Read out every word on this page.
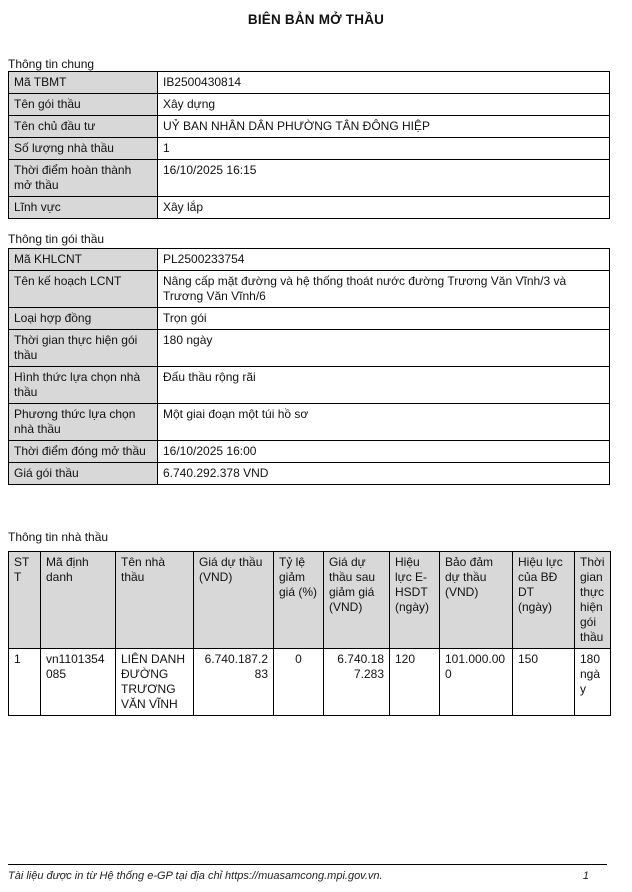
BIÊN BẢN MỞ THẦU
Thông tin chung
Mã TBMT	IB2500430814
Tên gói thầu	Xây dựng
Tên chủ đầu tư	UỶ BAN NHÂN DÂN PHƯỜNG TÂN ĐÔNG HIỆP
Số lượng nhà thầu	1
Thời điểm hoàn thành mở thầu	16/10/2025 16:15
Lĩnh vực	Xây lắp
Thông tin gói thầu
Mã KHLCNT	PL2500233754
Tên kế hoạch LCNT	Nâng cấp mặt đường và hệ thống thoát nước đường Trương Văn Vĩnh/3 và Trương Văn Vĩnh/6
Loại hợp đồng	Trọn gói
Thời gian thực hiện gói thầu	180 ngày
Hình thức lựa chọn nhà thầu	Đấu thầu rộng rãi
Phương thức lựa chọn nhà thầu	Một giai đoạn một túi hồ sơ
Thời điểm đóng mở thầu	16/10/2025 16:00
Giá gói thầu	6.740.292.378 VND
Thông tin nhà thầu
STT	Mã định danh	Tên nhà thầu	Giá dự thầu (VND)	Tỷ lệ giảm giá (%)	Giá dự thầu sau giảm giá (VND)	Hiệu lực E-HSDT (ngày)	Bảo đảm dự thầu (VND)	Hiệu lực của BĐ DT (ngày)	Thời gian thực hiện gói thầu
1	vn1101354085	LIÊN DANH ĐƯỜNG TRƯƠNG VĂN VĨNH	6.740.187.283	0	6.740.187.283	120	101.000.000	150	180 ngày
Tài liệu được in từ Hệ thống e-GP tại địa chỉ https://muasamcong.mpi.gov.vn.	1
